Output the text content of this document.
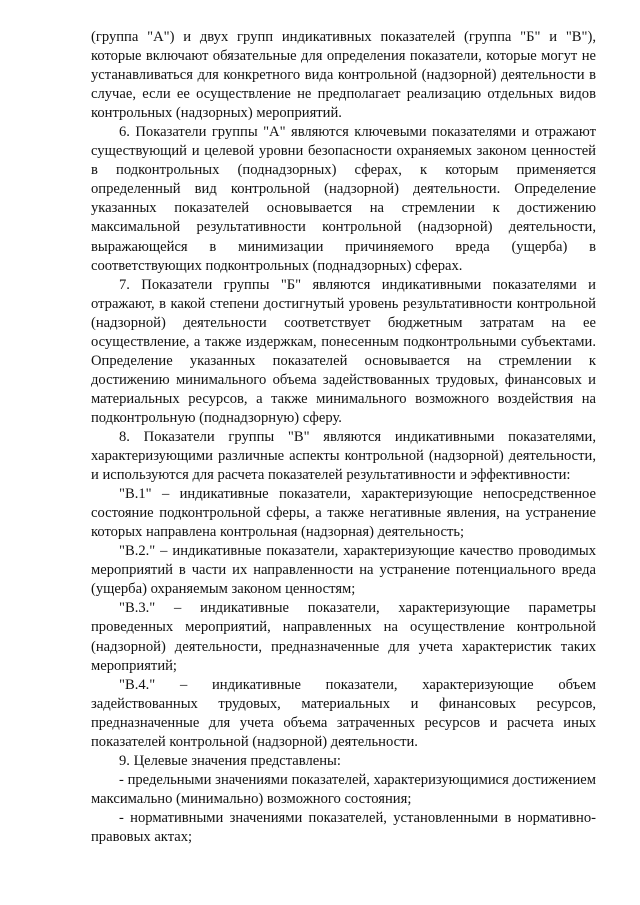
(группа "А") и двух групп индикативных показателей (группа "Б" и "В"), которые включают обязательные для определения показатели, которые могут не устанавливаться для конкретного вида контрольной (надзорной) деятельности в случае, если ее осуществление не предполагает реализацию отдельных видов контрольных (надзорных) мероприятий.

6. Показатели группы "А" являются ключевыми показателями и отражают существующий и целевой уровни безопасности охраняемых законом ценностей в подконтрольных (поднадзорных) сферах, к которым применяется определенный вид контрольной (надзорной) деятельности. Определение указанных показателей основывается на стремлении к достижению максимальной результативности контрольной (надзорной) деятельности, выражающейся в минимизации причиняемого вреда (ущерба) в соответствующих подконтрольных (поднадзорных) сферах.

7. Показатели группы "Б" являются индикативными показателями и отражают, в какой степени достигнутый уровень результативности контрольной (надзорной) деятельности соответствует бюджетным затратам на ее осуществление, а также издержкам, понесенным подконтрольными субъектами. Определение указанных показателей основывается на стремлении к достижению минимального объема задействованных трудовых, финансовых и материальных ресурсов, а также минимального возможного воздействия на подконтрольную (поднадзорную) сферу.

8. Показатели группы "В" являются индикативными показателями, характеризующими различные аспекты контрольной (надзорной) деятельности, и используются для расчета показателей результативности и эффективности:

"В.1" – индикативные показатели, характеризующие непосредственное состояние подконтрольной сферы, а также негативные явления, на устранение которых направлена контрольная (надзорная) деятельность;

"В.2." – индикативные показатели, характеризующие качество проводимых мероприятий в части их направленности на устранение потенциального вреда (ущерба) охраняемым законом ценностям;

"В.3." – индикативные показатели, характеризующие параметры проведенных мероприятий, направленных на осуществление контрольной (надзорной) деятельности, предназначенные для учета характеристик таких мероприятий;

"В.4." – индикативные показатели, характеризующие объем задействованных трудовых, материальных и финансовых ресурсов, предназначенные для учета объема затраченных ресурсов и расчета иных показателей контрольной (надзорной) деятельности.

9. Целевые значения представлены:

- предельными значениями показателей, характеризующимися достижением максимально (минимально) возможного состояния;

- нормативными значениями показателей, установленными в нормативно-правовых актах;
